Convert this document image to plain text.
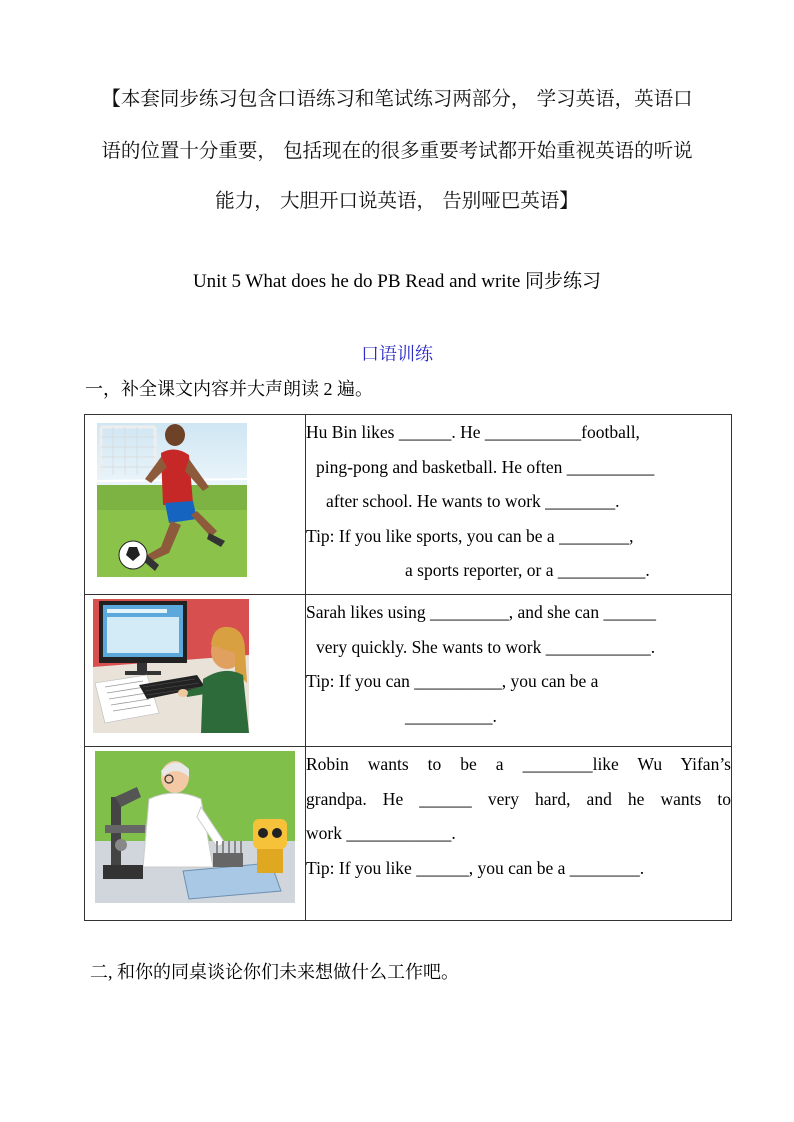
【本套同步练习包含口语练习和笔试练习两部分， 学习英语，英语口
语的位置十分重要， 包括现在的很多重要考试都开始重视英语的听说
能力， 大胆开口说英语， 告别哑巴英语】
Unit 5 What does he do PB Read and write 同步练习
口语训练
一，补全课文内容并大声朗读 2 遍。

Hu Bin likes ______. He ___________football,
ping-pong and basketball. He often __________
after school. He wants to work ________.
Tip: If you like sports, you can be a ________,
a sports reporter, or a __________.

Sarah likes using _________, and she can ______
very quickly. She wants to work ____________.
Tip: If you can __________, you can be a
__________.

Robin wants to be a ________like Wu Yifan’s
grandpa. He ______ very hard, and he wants to
work ____________.
Tip: If you like ______, you can be a ________.
二, 和你的同桌谈论你们未来想做什么工作吧。
